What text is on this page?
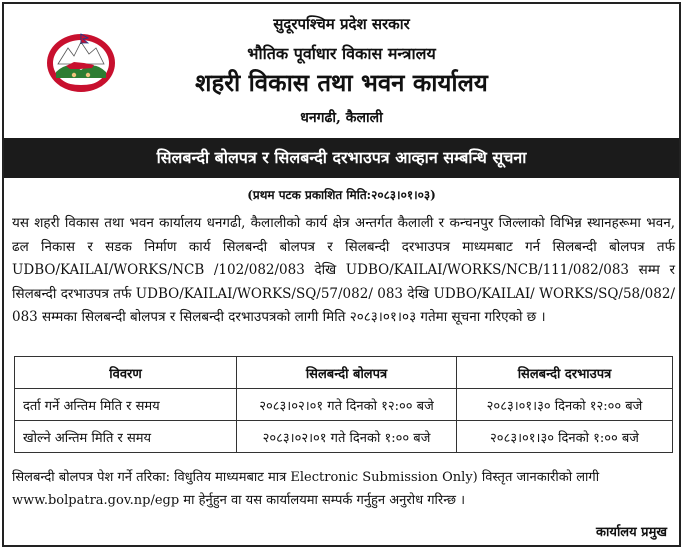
सुदूरपश्चिम प्रदेश सरकार
भौतिक पूर्वाधार विकास मन्त्रालय
शहरी विकास तथा भवन कार्यालय
धनगढी, कैलाली
सिलबन्दी बोलपत्र र सिलबन्दी दरभाउपत्र आव्हान सम्बन्धि सूचना
(प्रथम पटक प्रकाशित मिति:२०८३।०१।०३)
यस शहरी विकास तथा भवन कार्यालय धनगढी, कैलालीको कार्य क्षेत्र अन्तर्गत कैलाली र कन्चनपुर जिल्लाको विभिन्न स्थानहरूमा भवन, ढल निकास र सडक निर्माण कार्य सिलबन्दी बोलपत्र र सिलबन्दी दरभाउपत्र माध्यमबाट गर्न सिलबन्दी बोलपत्र तर्फ UDBO/KAILAI/WORKS/NCB /102/082/083 देखि UDBO/KAILAI/WORKS/NCB/111/082/083 सम्म र सिलबन्दी दरभाउपत्र तर्फ UDBO/KAILAI/WORKS/SQ/57/082/ 083 देखि UDBO/KAILAI/ WORKS/SQ/58/082/ 083 सम्मका सिलबन्दी बोलपत्र र सिलबन्दी दरभाउपत्रको लागी मिति २०८३।०१।०३ गतेमा सूचना गरिएको छ ।
विवरण	सिलबन्दी बोलपत्र	सिलबन्दी दरभाउपत्र
दर्ता गर्ने अन्तिम मिति र समय	२०८३।०२।०१ गते दिनको १२:०० बजे	२०८३।०१।३० दिनको १२:०० बजे
खोल्ने अन्तिम मिति र समय	२०८३।०२।०१ गते दिनको १:०० बजे	२०८३।०१।३० दिनको १:०० बजे
सिलबन्दी बोलपत्र पेश गर्ने तरिका: विधुतिय माध्यमबाट मात्र Electronic Submission Only) विस्तृत जानकारीको लागी www.bolpatra.gov.np/egp मा हेर्नुहुन वा यस कार्यालयमा सम्पर्क गर्नुहुन अनुरोध गरिन्छ ।
कार्यालय प्रमुख
